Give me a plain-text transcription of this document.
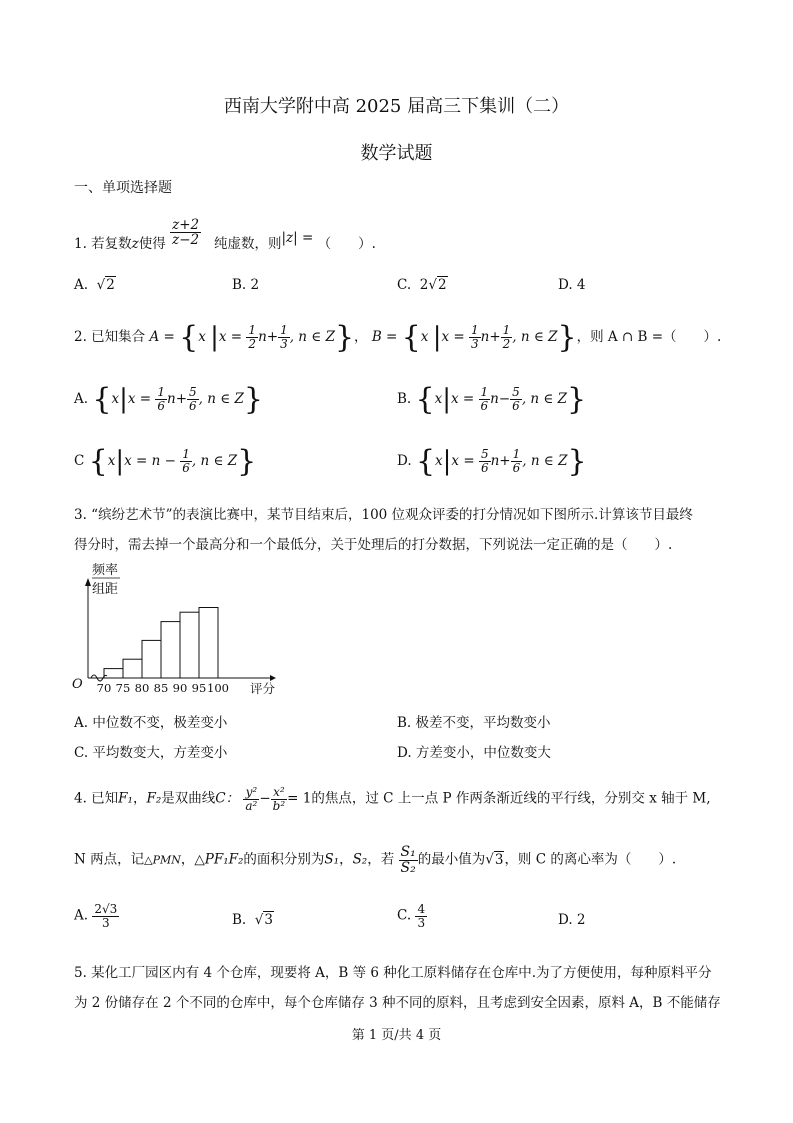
西南大学附中高 2025 届高三下集训（二）
数学试题
一、单项选择题
1. 若复数z使得 $\frac{z+2}{z-2}$ 纯虚数，则|z| = （　　）.
A.  √2	B. 2	C. 2√2	D. 4
2. 已知集合 A = {x $|x = \frac{1}{2} n+ \frac{1}{3}$ , n ∈ Z}， B = {x $|x = \frac{1}{3} n+ \frac{1}{2}$ , n ∈ Z}，则 A ∩ B =（　　）.
A. {$x|x = \frac{1}{6} n+ \frac{5}{6}$ , n ∈ Z}	B. {$x|x = \frac{1}{6} n- \frac{5}{6}$ , n ∈ Z}
C {$x|x = n - \frac{1}{6}$ , n ∈ Z}	D. {$x|x = \frac{5}{6} n+ \frac{1}{6}$ , n ∈ Z}
3. “缤纷艺术节”的表演比赛中，某节目结束后，100 位观众评委的打分情况如下图所示.计算该节目最终
得分时，需去掉一个最高分和一个最低分，关于处理后的打分数据，下列说法一定正确的是（　　）.
70 75 80 85 90 95 100 评分
O
频率
组距
A. 中位数不变，极差变小	B. 极差不变，平均数变小
C. 平均数变大，方差变小	D. 方差变小，中位数变大
4. 已知F₁，F₂是双曲线C： $\frac{\text{y²}}{\text{a²}} - \frac{\text{x²}}{\text{b²}} = 1$的焦点，过 C 上一点 P 作两条渐近线的平行线，分别交 x 轴于 M,
N 两点，记△PMN，△PF₁F₂的面积分别为S₁，S₂，若 $\frac{\text{S₁}}{\text{S₂}}$ 的最小值为√3，则 C 的离心率为（　　）.
A. $\frac{2√3}{3}$	B.  √3	C. $\frac{4}{3}$	D. 2
5. 某化工厂园区内有 4 个仓库，现要将 A，B 等 6 种化工原料储存在仓库中.为了方便使用，每种原料平分
为 2 份储存在 2 个不同的仓库中，每个仓库储存 3 种不同的原料，且考虑到安全因素，原料 A，B 不能储存
第 1 页/共 4 页
